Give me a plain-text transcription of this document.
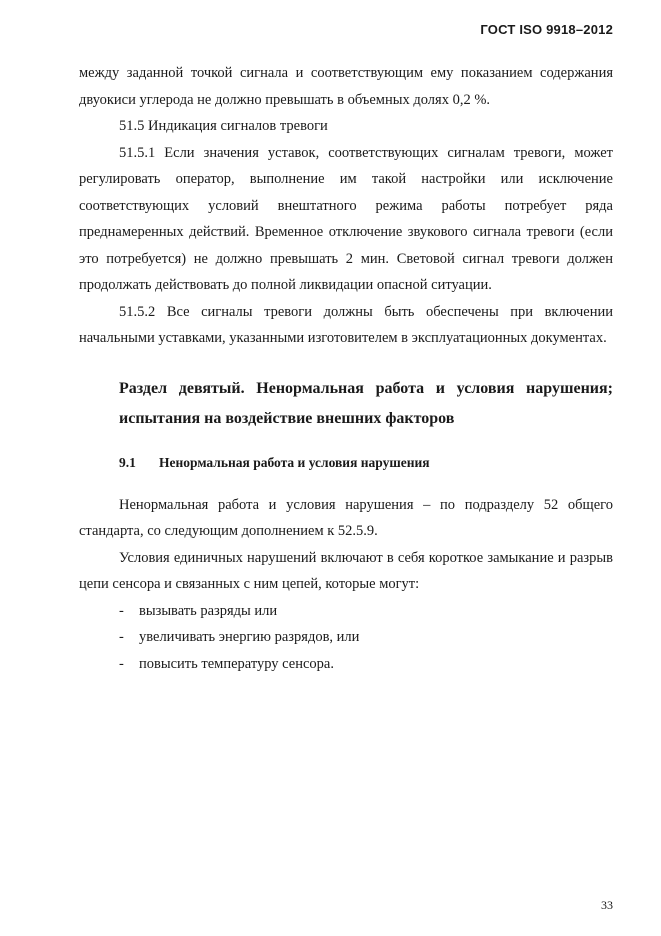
ГОСТ ISO 9918–2012

между заданной точкой сигнала и соответствующим ему показанием содержания двуокиси углерода не должно превышать в объемных долях 0,2 %.

51.5 Индикация сигналов тревоги

51.5.1 Если значения уставок, соответствующих сигналам тревоги, может регулировать оператор, выполнение им такой настройки или исключение соответствующих условий внештатного режима работы потребует ряда преднамеренных действий. Временное отключение звукового сигнала тревоги (если это потребуется) не должно превышать 2 мин. Световой сигнал тревоги должен продолжать действовать до полной ликвидации опасной ситуации.

51.5.2 Все сигналы тревоги должны быть обеспечены при включении начальными уставками, указанными изготовителем в эксплуатационных документах.

Раздел девятый. Ненормальная работа и условия нарушения; испытания на воздействие внешних факторов
9.1 Ненормальная работа и условия нарушения

Ненормальная работа и условия нарушения – по подразделу 52 общего стандарта, со следующим дополнением к 52.5.9.

Условия единичных нарушений включают в себя короткое замыкание и разрыв цепи сенсора и связанных с ним цепей, которые могут:

-	вызывать разряды или
-	увеличивать энергию разрядов, или
-	повысить температуру сенсора.
33
